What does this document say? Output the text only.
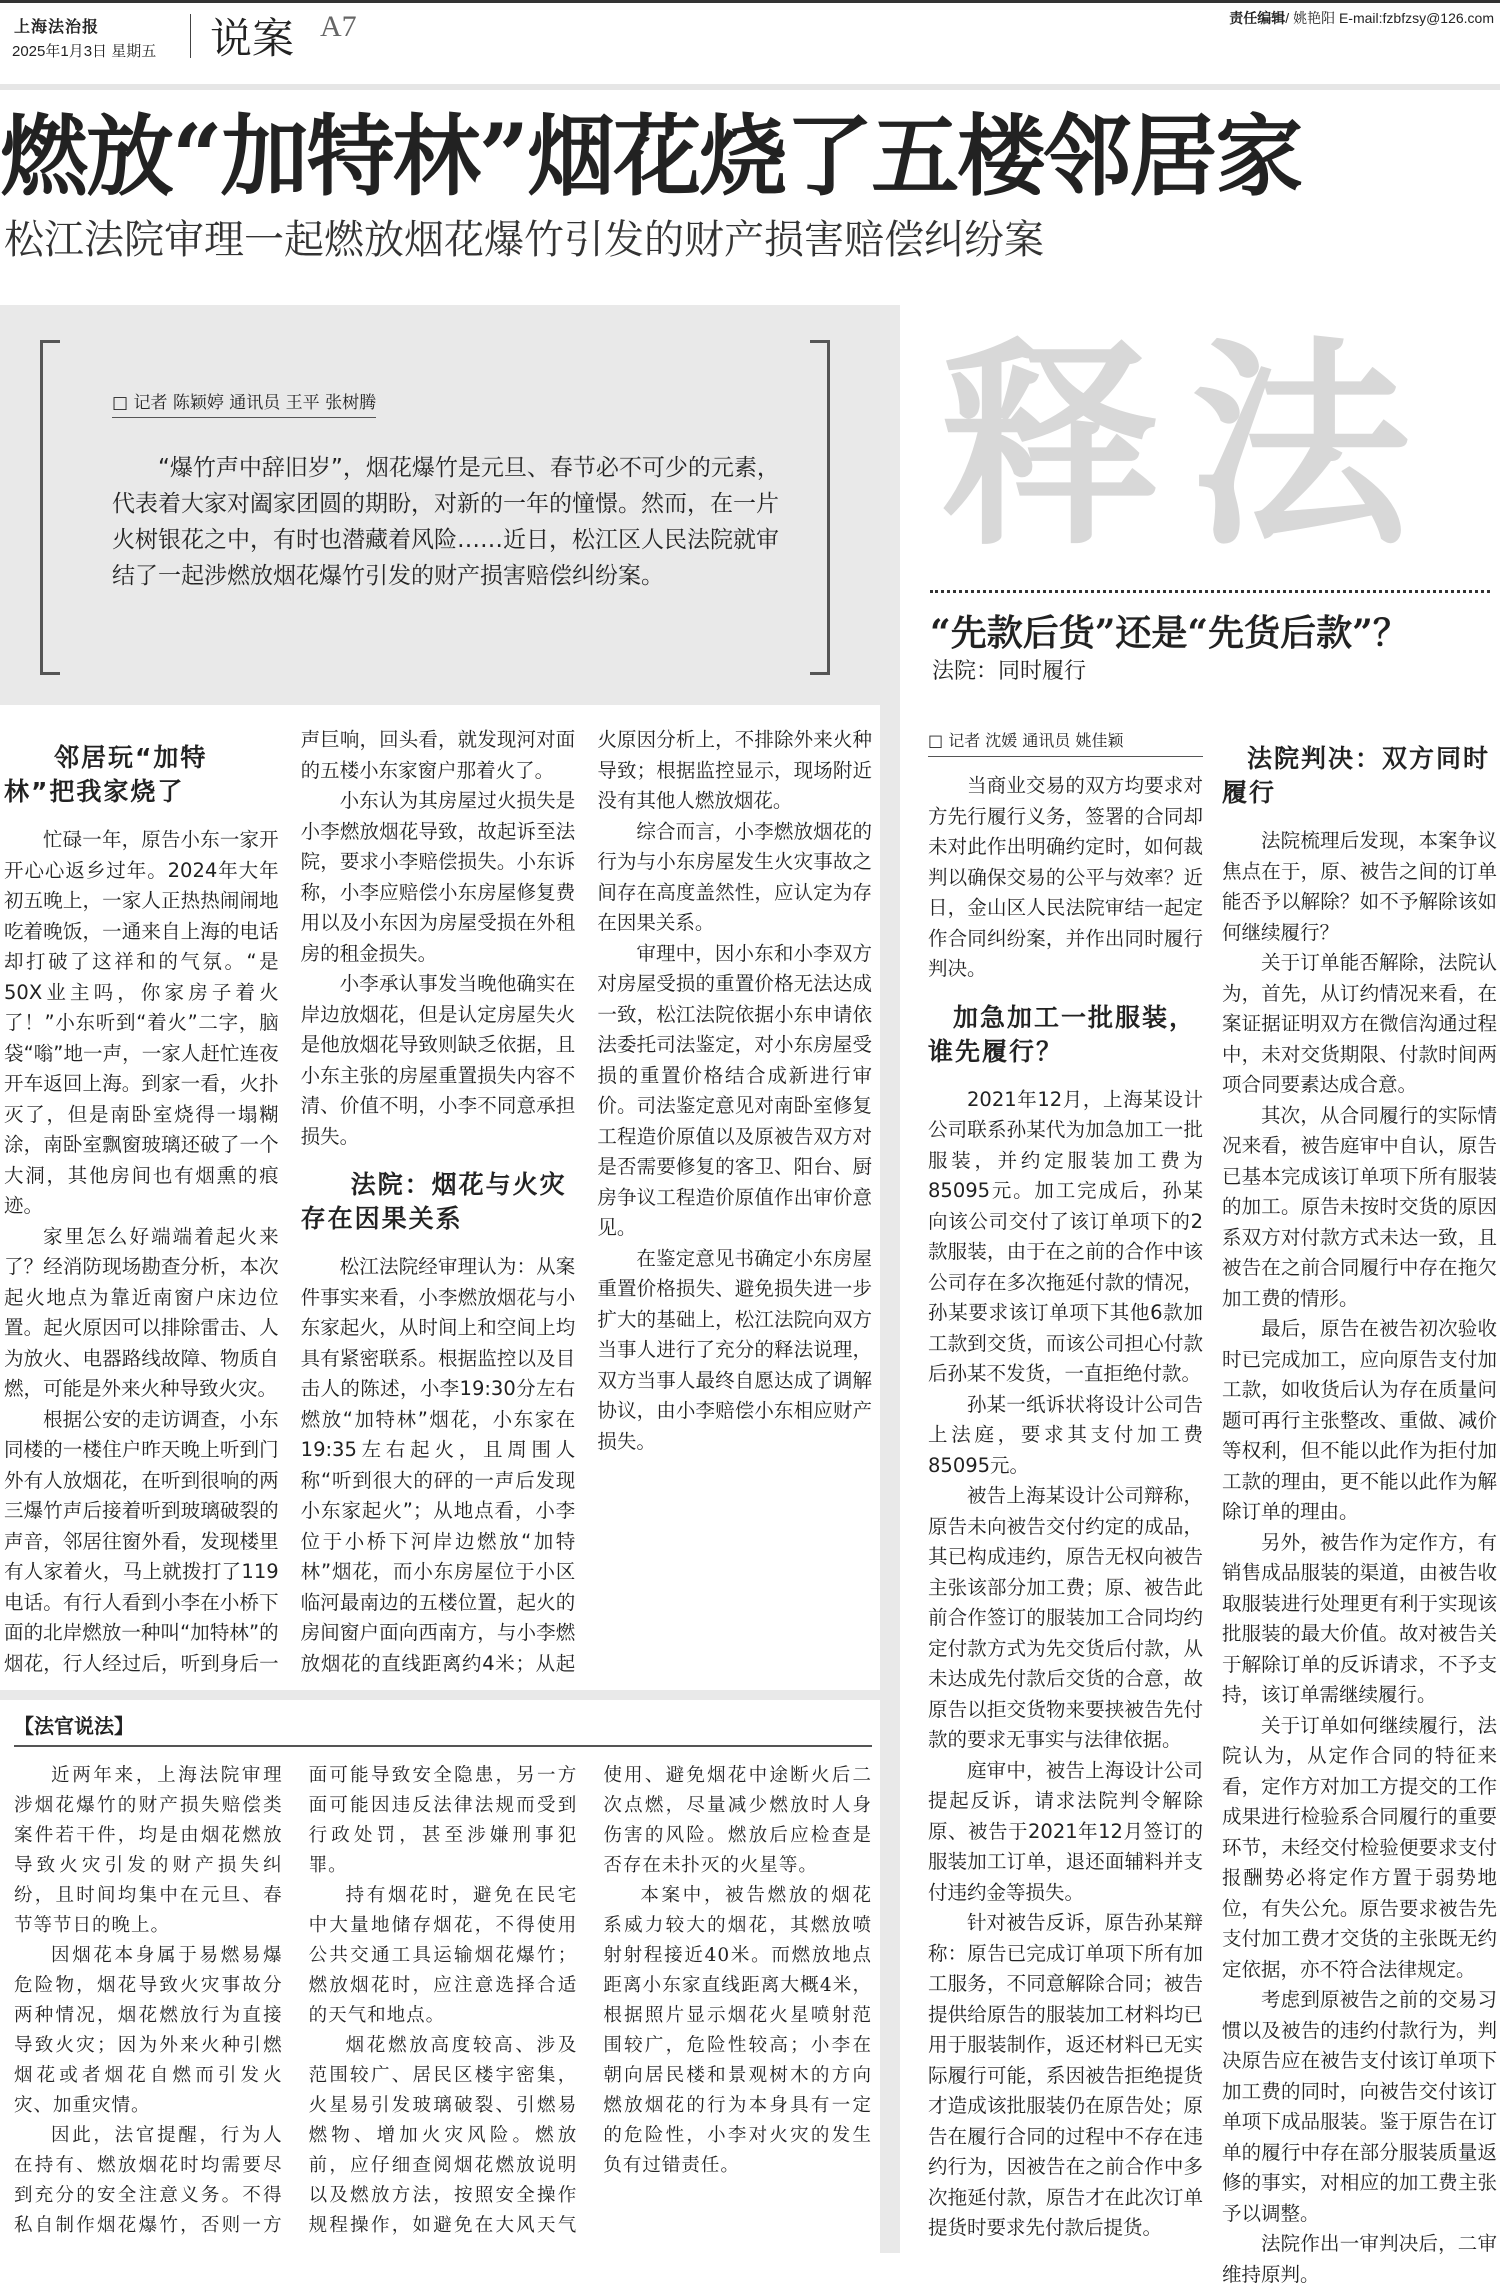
上海法治报
2025年1月3日 星期五 说案 A7	责任编辑/ 姚艳阳 E-mail:fzbfzsy@126.com
燃放“加特林”烟花烧了五楼邻居家
松江法院审理一起燃放烟花爆竹引发的财产损害赔偿纠纷案
□ 记者 陈颖婷 通讯员 王平 张树腾

“爆竹声中辞旧岁”，烟花爆竹是元旦、春节必不可少的元素，代表着大家对阖家团圆的期盼，对新的一年的憧憬。然而，在一片火树银花之中，有时也潜藏着风险……近日，松江区人民法院就审结了一起涉燃放烟花爆竹引发的财产损害赔偿纠纷案。

释法
“先款后货”还是“先货后款”？
法院：同时履行
邻居玩“加特林”把我家烧了

忙碌一年，原告小东一家开开心心返乡过年。2024年大年初五晚上，一家人正热热闹闹地吃着晚饭，一通来自上海的电话却打破了这祥和的气氛。“是50X业主吗，你家房子着火了！”小东听到“着火”二字，脑袋“嗡”地一声，一家人赶忙连夜开车返回上海。到家一看，火扑灭了，但是南卧室烧得一塌糊涂，南卧室飘窗玻璃还破了一个大洞，其他房间也有烟熏的痕迹。

家里怎么好端端着起火来了？经消防现场勘查分析，本次起火地点为靠近南窗户床边位置。起火原因可以排除雷击、人为放火、电器路线故障、物质自燃，可能是外来火种导致火灾。

根据公安的走访调查，小东同楼的一楼住户昨天晚上听到门外有人放烟花，在听到很响的两三爆竹声后接着听到玻璃破裂的声音，邻居往窗外看，发现楼里有人家着火，马上就拨打了119电话。有行人看到小李在小桥下面的北岸燃放一种叫“加特林”的烟花，行人经过后，听到身后一声巨响，回头看，就发现河对面的五楼小东家窗户那着火了。

小东认为其房屋过火损失是小李燃放烟花导致，故起诉至法院，要求小李赔偿损失。小东诉称，小李应赔偿小东房屋修复费用以及小东因为房屋受损在外租房的租金损失。

小李承认事发当晚他确实在岸边放烟花，但是认定房屋失火是他放烟花导致则缺乏依据，且小东主张的房屋重置损失内容不清、价值不明，小李不同意承担损失。

法院：烟花与火灾存在因果关系

松江法院经审理认为：从案件事实来看，小李燃放烟花与小东家起火，从时间上和空间上均具有紧密联系。根据监控以及目击人的陈述，小李19:30分左右燃放“加特林”烟花，小东家在19:35左右起火，且周围人称“听到很大的砰的一声后发现小东家起火”；从地点看，小李位于小桥下河岸边燃放“加特林”烟花，而小东房屋位于小区临河最南边的五楼位置，起火的房间窗户面向西南方，与小李燃放烟花的直线距离约4米；从起火原因分析上，不排除外来火种导致；根据监控显示，现场附近没有其他人燃放烟花。

综合而言，小李燃放烟花的行为与小东房屋发生火灾事故之间存在高度盖然性，应认定为存在因果关系。

审理中，因小东和小李双方对房屋受损的重置价格无法达成一致，松江法院依据小东申请依法委托司法鉴定，对小东房屋受损的重置价格结合成新进行审价。司法鉴定意见对南卧室修复工程造价原值以及原被告双方对是否需要修复的客卫、阳台、厨房争议工程造价原值作出审价意见。

在鉴定意见书确定小东房屋重置价格损失、避免损失进一步扩大的基础上，松江法院向双方当事人进行了充分的释法说理，双方当事人最终自愿达成了调解协议，由小李赔偿小东相应财产损失。

【法官说法】

近两年来，上海法院审理涉烟花爆竹的财产损失赔偿类案件若干件，均是由烟花燃放导致火灾引发的财产损失纠纷，且时间均集中在元旦、春节等节日的晚上。

因烟花本身属于易燃易爆危险物，烟花导致火灾事故分两种情况，烟花燃放行为直接导致火灾；因为外来火种引燃烟花或者烟花自燃而引发火灾、加重灾情。

因此，法官提醒，行为人在持有、燃放烟花时均需要尽到充分的安全注意义务。不得私自制作烟花爆竹，否则一方面可能导致安全隐患，另一方面可能因违反法律法规而受到行政处罚，甚至涉嫌刑事犯罪。

持有烟花时，避免在民宅中大量地储存烟花，不得使用公共交通工具运输烟花爆竹；燃放烟花时，应注意选择合适的天气和地点。

烟花燃放高度较高、涉及范围较广、居民区楼宇密集，火星易引发玻璃破裂、引燃易燃物、增加火灾风险。燃放前，应仔细查阅烟花燃放说明以及燃放方法，按照安全操作规程操作，如避免在大风天气使用、避免烟花中途断火后二次点燃，尽量减少燃放时人身伤害的风险。燃放后应检查是否存在未扑灭的火星等。

本案中，被告燃放的烟花系威力较大的烟花，其燃放喷射射程接近40米。而燃放地点距离小东家直线距离大概4米，根据照片显示烟花火星喷射范围较广，危险性较高；小李在朝向居民楼和景观树木的方向燃放烟花的行为本身具有一定的危险性，小李对火灾的发生负有过错责任。

□ 记者 沈媛 通讯员 姚佳颖

当商业交易的双方均要求对方先行履行义务，签署的合同却未对此作出明确约定时，如何裁判以确保交易的公平与效率？近日，金山区人民法院审结一起定作合同纠纷案，并作出同时履行判决。

加急加工一批服装，谁先履行？

2021年12月，上海某设计公司联系孙某代为加急加工一批服装，并约定服装加工费为85095元。加工完成后，孙某向该公司交付了该订单项下的2款服装，由于在之前的合作中该公司存在多次拖延付款的情况，孙某要求该订单项下其他6款加工款到交货，而该公司担心付款后孙某不发货，一直拒绝付款。

孙某一纸诉状将设计公司告上法庭，要求其支付加工费85095元。

被告上海某设计公司辩称，原告未向被告交付约定的成品，其已构成违约，原告无权向被告主张该部分加工费；原、被告此前合作签订的服装加工合同均约定付款方式为先交货后付款，从未达成先付款后交货的合意，故原告以拒交货物来要挟被告先付款的要求无事实与法律依据。

庭审中，被告上海设计公司提起反诉，请求法院判令解除原、被告于2021年12月签订的服装加工订单，退还面辅料并支付违约金等损失。

针对被告反诉，原告孙某辩称：原告已完成订单项下所有加工服务，不同意解除合同；被告提供给原告的服装加工材料均已用于服装制作，返还材料已无实际履行可能，系因被告拒绝提货才造成该批服装仍在原告处；原告在履行合同的过程中不存在违约行为，因被告在之前合作中多次拖延付款，原告才在此次订单提货时要求先付款后提货。

法院判决：双方同时履行

法院梳理后发现，本案争议焦点在于，原、被告之间的订单能否予以解除？如不予解除该如何继续履行？

关于订单能否解除，法院认为，首先，从订约情况来看，在案证据证明双方在微信沟通过程中，未对交货期限、付款时间两项合同要素达成合意。

其次，从合同履行的实际情况来看，被告庭审中自认，原告已基本完成该订单项下所有服装的加工。原告未按时交货的原因系双方对付款方式未达一致，且被告在之前合同履行中存在拖欠加工费的情形。

最后，原告在被告初次验收时已完成加工，应向原告支付加工款，如收货后认为存在质量问题可再行主张整改、重做、减价等权利，但不能以此作为拒付加工款的理由，更不能以此作为解除订单的理由。

另外，被告作为定作方，有销售成品服装的渠道，由被告收取服装进行处理更有利于实现该批服装的最大价值。故对被告关于解除订单的反诉请求，不予支持，该订单需继续履行。

关于订单如何继续履行，法院认为，从定作合同的特征来看，定作方对加工方提交的工作成果进行检验系合同履行的重要环节，未经交付检验便要求支付报酬势必将定作方置于弱势地位，有失公允。原告要求被告先支付加工费才交货的主张既无约定依据，亦不符合法律规定。

考虑到原被告之前的交易习惯以及被告的违约付款行为，判决原告应在被告支付该订单项下加工费的同时，向被告交付该订单项下成品服装。鉴于原告在订单的履行中存在部分服装质量返修的事实，对相应的加工费主张予以调整。

法院作出一审判决后，二审维持原判。
